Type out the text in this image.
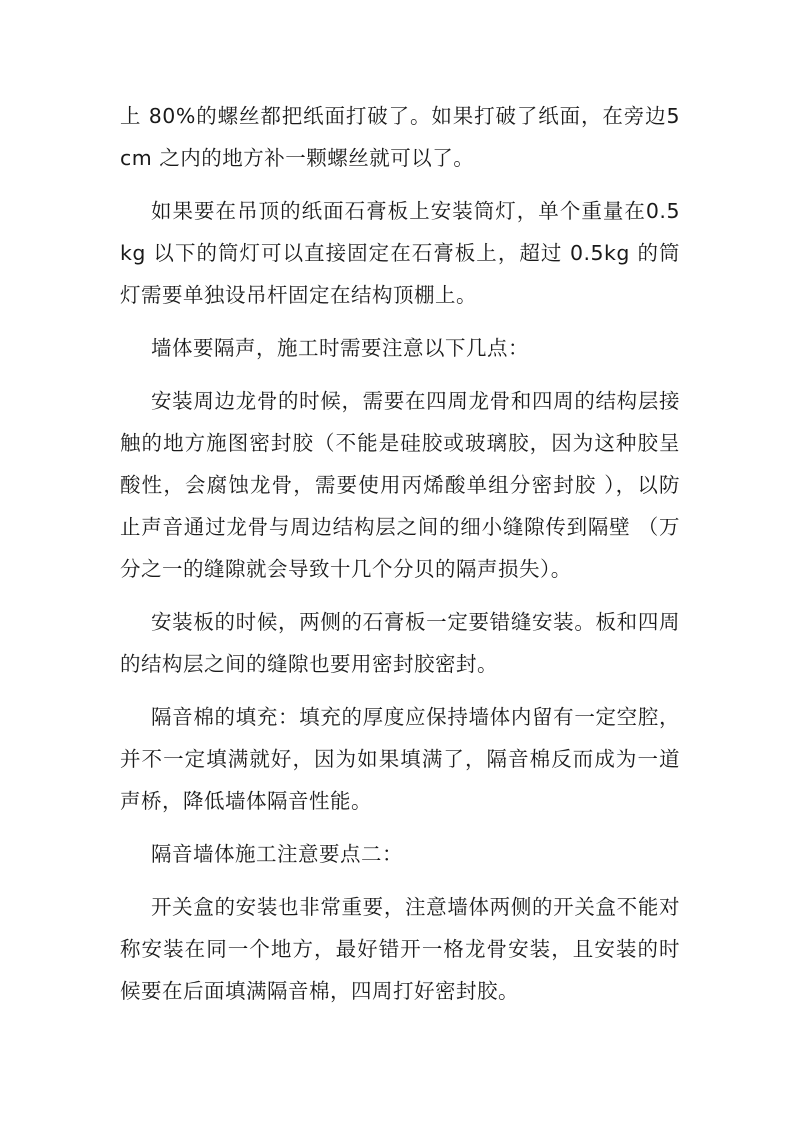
上 80%的螺丝都把纸面打破了。如果打破了纸面，在旁边5cm 之内的地方补一颗螺丝就可以了。

如果要在吊顶的纸面石膏板上安装筒灯，单个重量在0.5kg 以下的筒灯可以直接固定在石膏板上，超过 0.5kg 的筒灯需要单独设吊杆固定在结构顶棚上。

墙体要隔声，施工时需要注意以下几点：

安装周边龙骨的时候，需要在四周龙骨和四周的结构层接触的地方施图密封胶（不能是硅胶或玻璃胶，因为这种胶呈酸性，会腐蚀龙骨，需要使用丙烯酸单组分密封胶 ），以防止声音通过龙骨与周边结构层之间的细小缝隙传到隔壁 （万分之一的缝隙就会导致十几个分贝的隔声损失）。

安装板的时候，两侧的石膏板一定要错缝安装。板和四周的结构层之间的缝隙也要用密封胶密封。

隔音棉的填充：填充的厚度应保持墙体内留有一定空腔，并不一定填满就好，因为如果填满了，隔音棉反而成为一道声桥，降低墙体隔音性能。

隔音墙体施工注意要点二：

开关盒的安装也非常重要，注意墙体两侧的开关盒不能对称安装在同一个地方，最好错开一格龙骨安装，且安装的时候要在后面填满隔音棉，四周打好密封胶。
